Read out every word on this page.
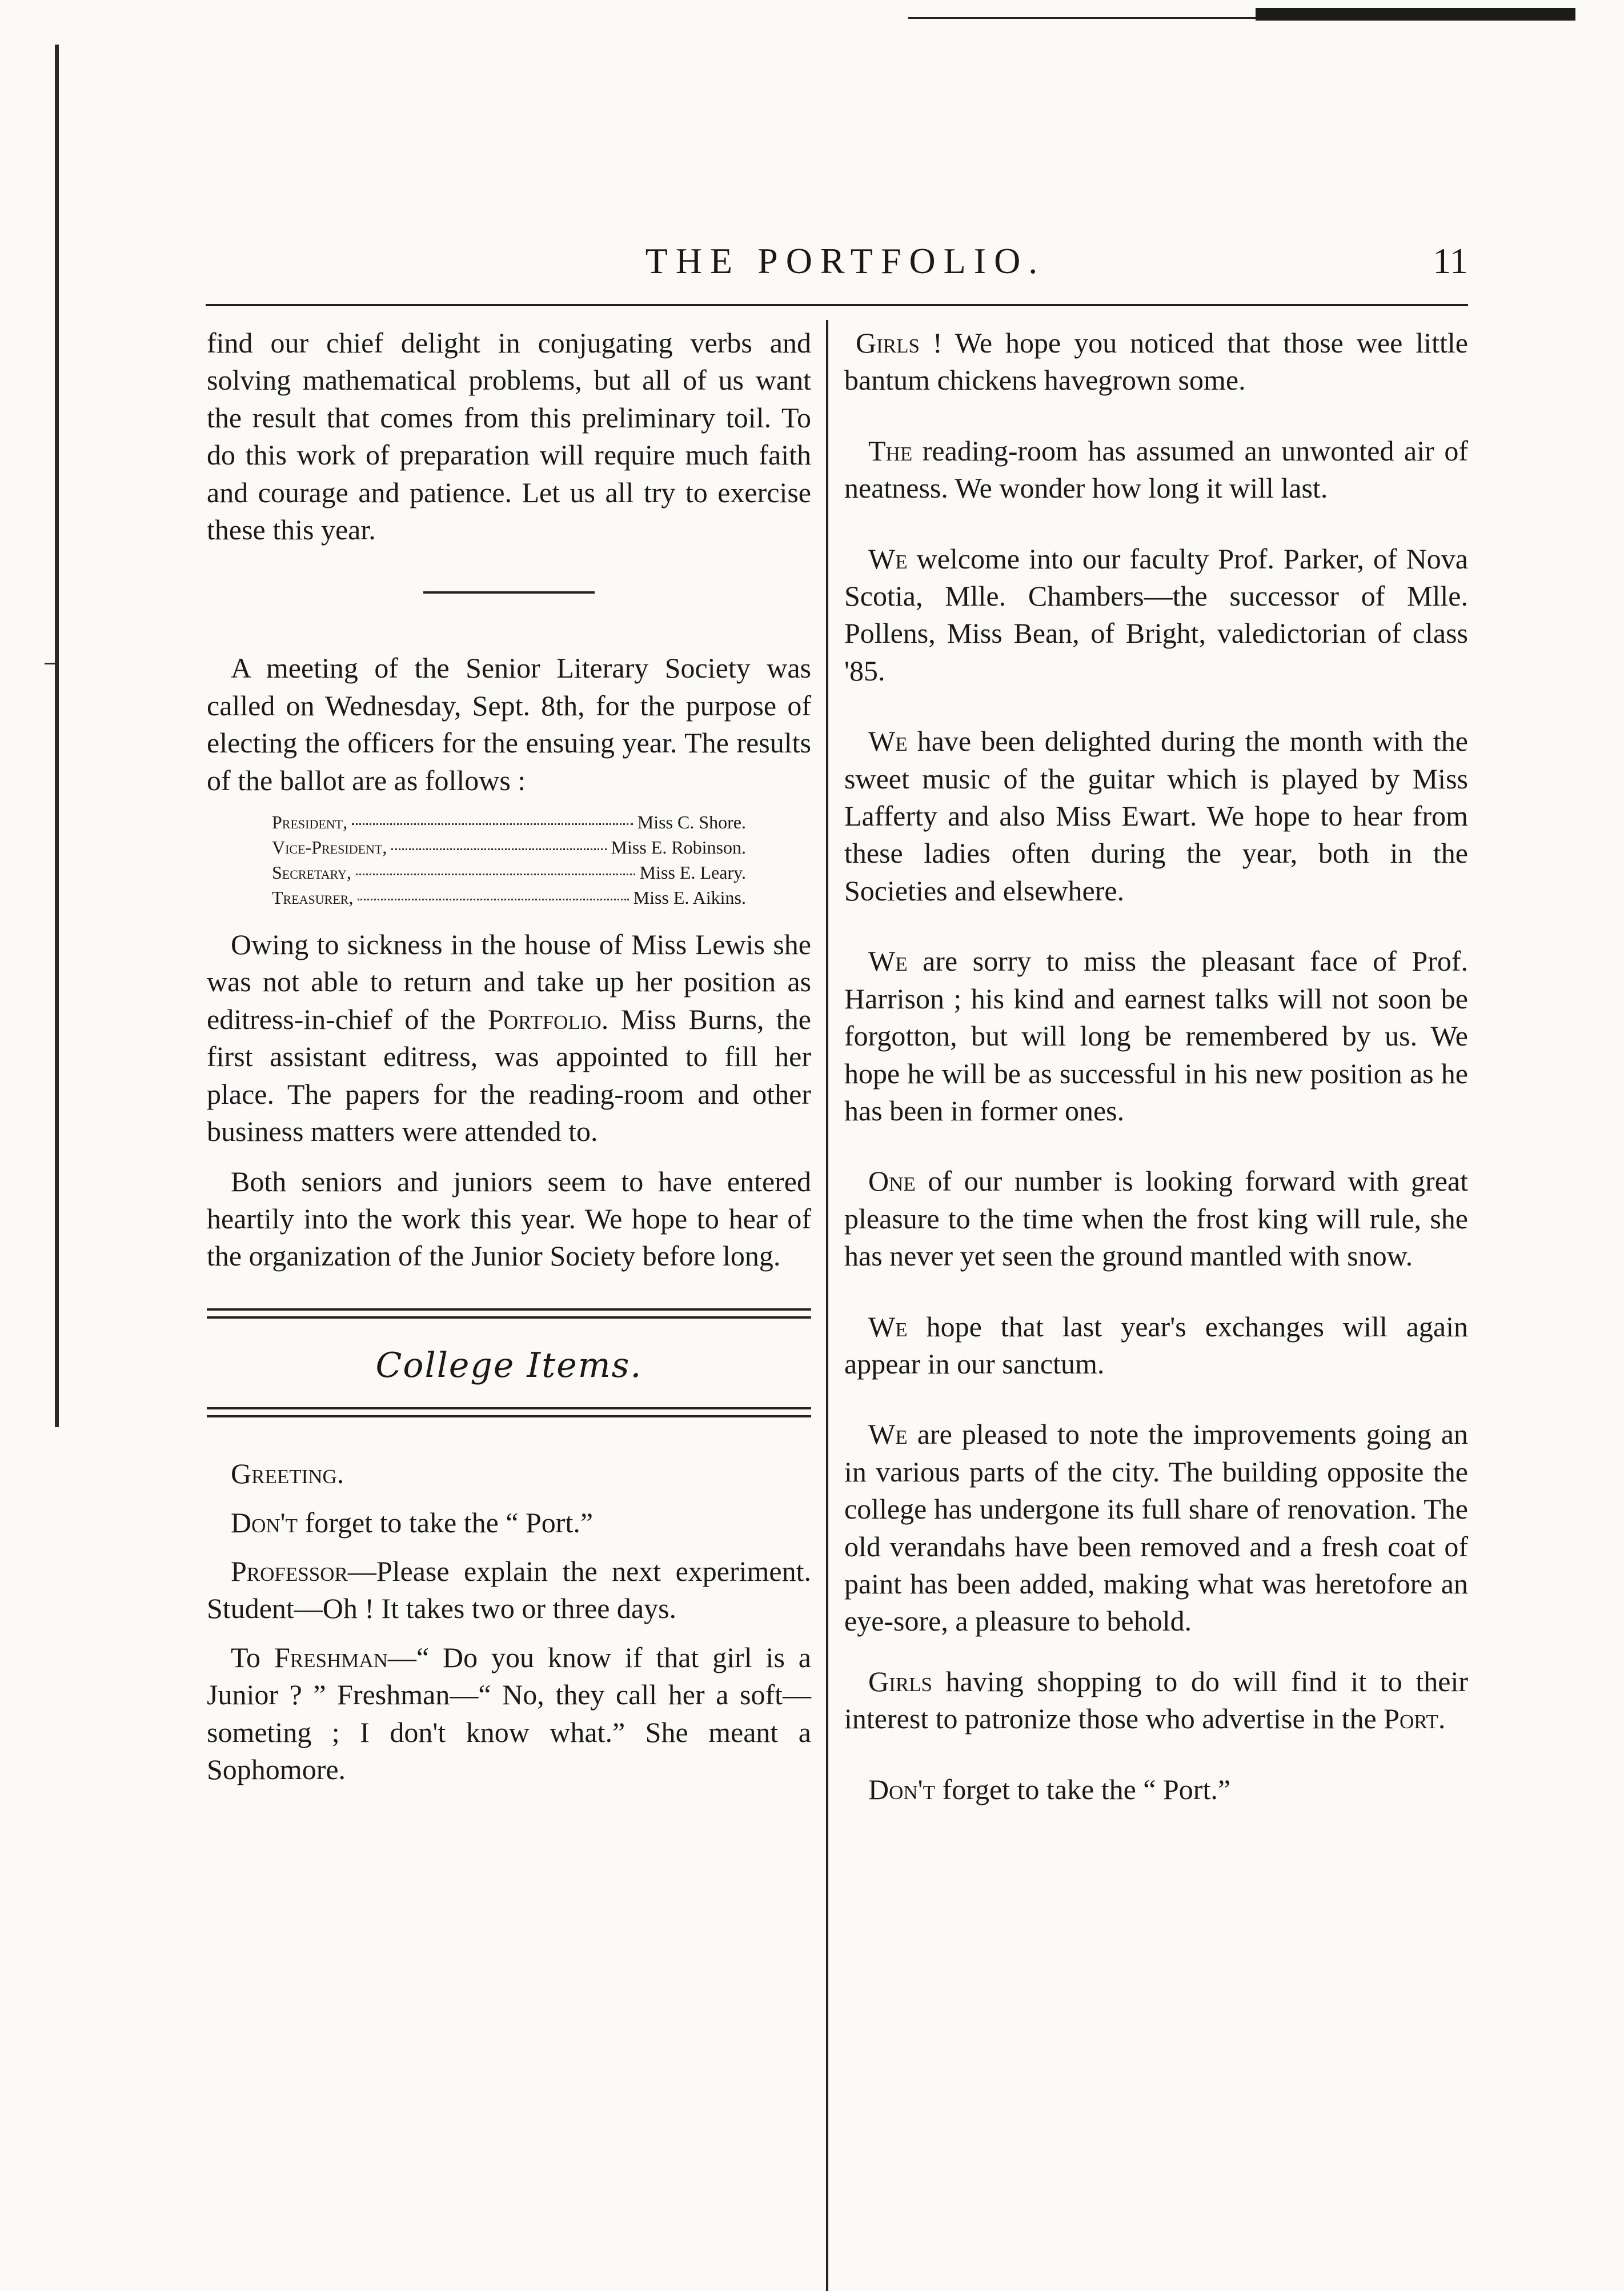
THE PORTFOLIO.	11

find our chief delight in conjugating verbs and solving mathematical problems, but all of us want the result that comes from this preliminary toil. To do this work of preparation will require much faith and courage and patience. Let us all try to exercise these this year.

A meeting of the Senior Literary Society was called on Wednesday, Sept. 8th, for the purpose of electing the officers for the ensuing year. The results of the ballot are as follows :

President,	Miss C. Shore.
Vice-President,	Miss E. Robinson.
Secretary,	Miss E. Leary.
Treasurer,	Miss E. Aikins.

Owing to sickness in the house of Miss Lewis she was not able to return and take up her position as editress-in-chief of the Portfolio. Miss Burns, the first assistant editress, was appointed to fill her place. The papers for the reading-room and other business matters were attended to.

Both seniors and juniors seem to have entered heartily into the work this year. We hope to hear of the organization of the Junior Society before long.

College Items.

Greeting.

Don't forget to take the “ Port.”

Professor—Please explain the next experiment. Student—Oh ! It takes two or three days.

To Freshman—“ Do you know if that girl is a Junior ? ” Freshman—“ No, they call her a soft—someting ; I don't know what.” She meant a Sophomore.

Girls ! We hope you noticed that those wee little bantum chickens havegrown some.

The reading-room has assumed an unwonted air of neatness. We wonder how long it will last.

We welcome into our faculty Prof. Parker, of Nova Scotia, Mlle. Chambers—the successor of Mlle. Pollens, Miss Bean, of Bright, valedictorian of class '85.

We have been delighted during the month with the sweet music of the guitar which is played by Miss Lafferty and also Miss Ewart. We hope to hear from these ladies often during the year, both in the Societies and elsewhere.

We are sorry to miss the pleasant face of Prof. Harrison ; his kind and earnest talks will not soon be forgotton, but will long be remembered by us. We hope he will be as successful in his new position as he has been in former ones.

One of our number is looking forward with great pleasure to the time when the frost king will rule, she has never yet seen the ground mantled with snow.

We hope that last year's exchanges will again appear in our sanctum.

We are pleased to note the improvements going an in various parts of the city. The building opposite the college has undergone its full share of renovation. The old verandahs have been removed and a fresh coat of paint has been added, making what was heretofore an eye-sore, a pleasure to behold.

Girls having shopping to do will find it to their interest to patronize those who advertise in the Port.

Don't forget to take the “ Port.”
